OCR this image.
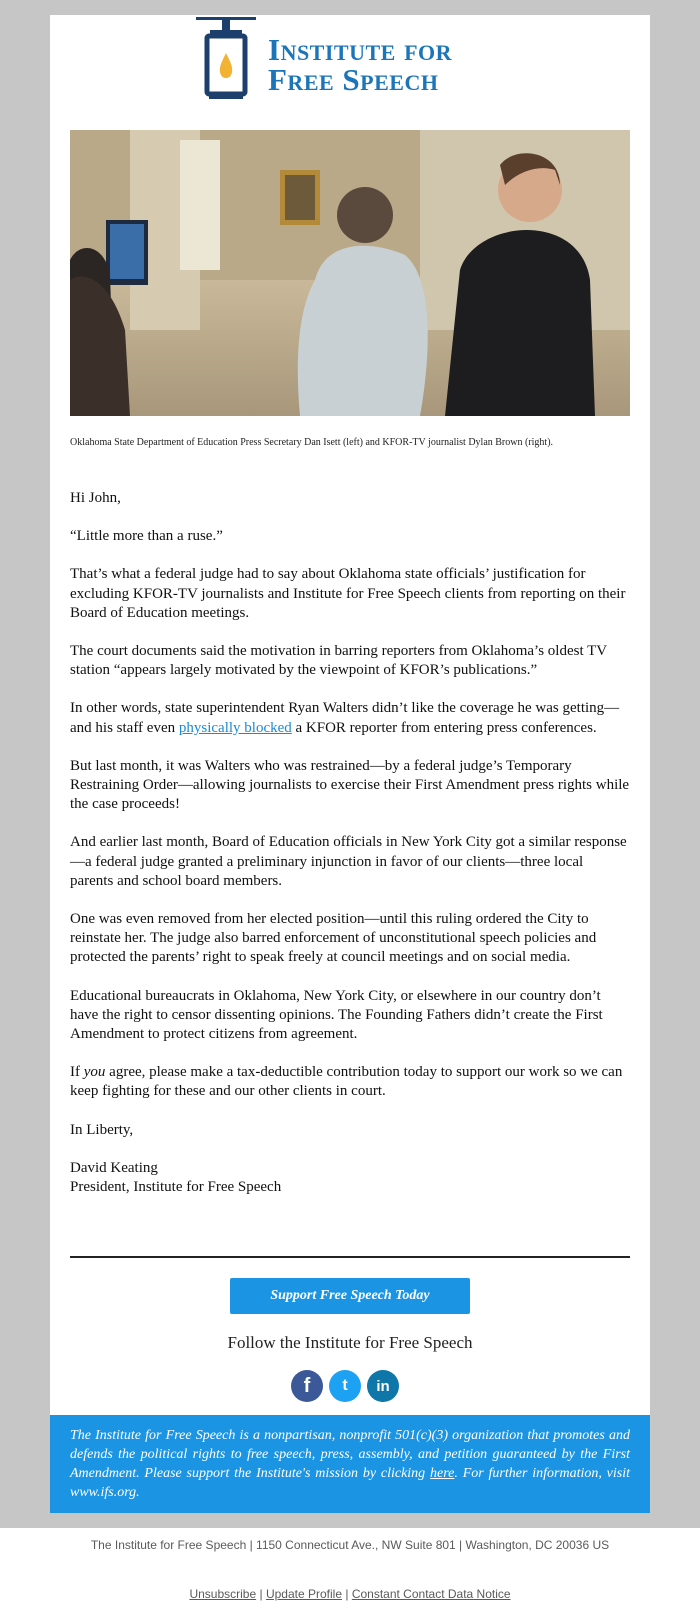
Institute for
Free Speech
Oklahoma State Department of Education Press Secretary Dan Isett (left) and KFOR-TV journalist Dylan Brown (right).

Hi John,

“Little more than a ruse.”

That’s what a federal judge had to say about Oklahoma state officials’ justification for excluding KFOR-TV journalists and Institute for Free Speech clients from reporting on their Board of Education meetings.

The court documents said the motivation in barring reporters from Oklahoma’s oldest TV station “appears largely motivated by the viewpoint of KFOR’s publications.”

In other words, state superintendent Ryan Walters didn’t like the coverage he was getting—and his staff even physically blocked a KFOR reporter from entering press conferences.

But last month, it was Walters who was restrained—by a federal judge’s Temporary Restraining Order—allowing journalists to exercise their First Amendment press rights while the case proceeds!

And earlier last month, Board of Education officials in New York City got a similar response—a federal judge granted a preliminary injunction in favor of our clients—three local parents and school board members.

One was even removed from her elected position—until this ruling ordered the City to reinstate her. The judge also barred enforcement of unconstitutional speech policies and protected the parents’ right to speak freely at council meetings and on social media.

Educational bureaucrats in Oklahoma, New York City, or elsewhere in our country don’t have the right to censor dissenting opinions. The Founding Fathers didn’t create the First Amendment to protect citizens from agreement.

If you agree, please make a tax-deductible contribution today to support our work so we can keep fighting for these and our other clients in court.

In Liberty,

David Keating
President, Institute for Free Speech
Support Free Speech Today
Follow the Institute for Free Speech
f	t	in
The Institute for Free Speech is a nonpartisan, nonprofit 501(c)(3) organization that promotes and defends the political rights to free speech, press, assembly, and petition guaranteed by the First Amendment. Please support the Institute's mission by clicking here. For further information, visit www.ifs.org.
The Institute for Free Speech | 1150 Connecticut Ave., NW Suite 801 | Washington, DC 20036 US
Unsubscribe | Update Profile | Constant Contact Data Notice
